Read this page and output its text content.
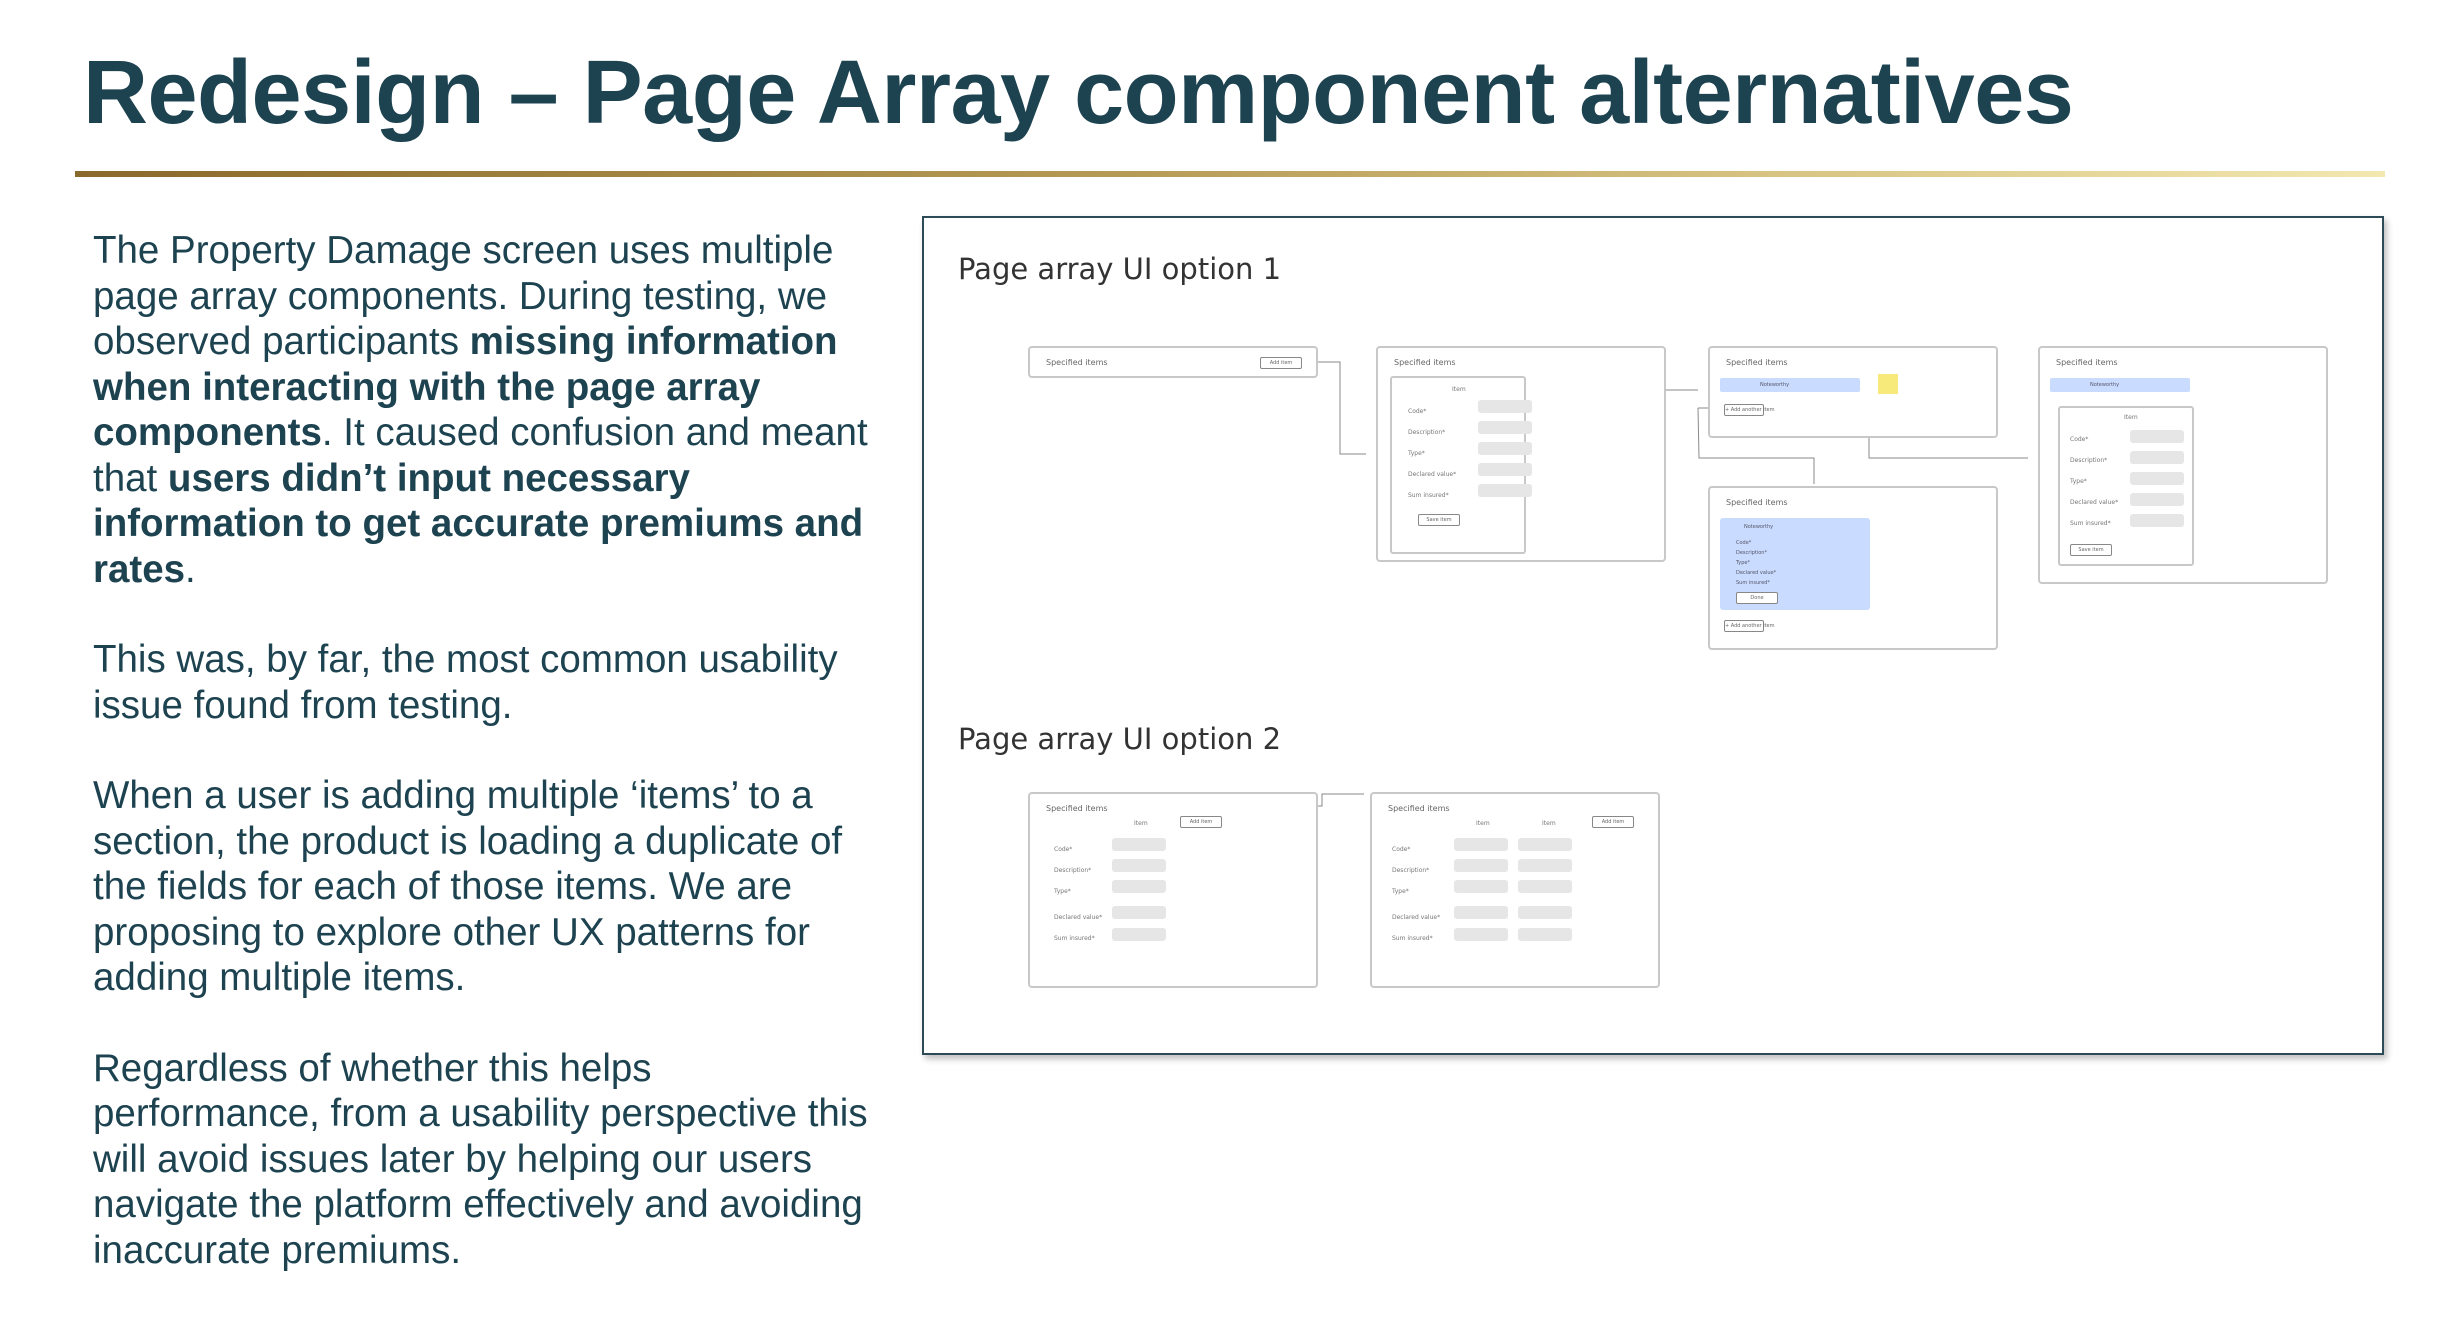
Redesign – Page Array component alternatives

The Property Damage screen uses multiple page array components. During testing, we observed participants missing information when interacting with the page array components. It caused confusion and meant that users didn’t input necessary information to get accurate premiums and rates.

This was, by far, the most common usability issue found from testing.

When a user is adding multiple ‘items’ to a section, the product is loading a duplicate of the fields for each of those items. We are proposing to explore other UX patterns for adding multiple items.

Regardless of whether this helps performance, from a usability perspective this will avoid issues later by helping our users navigate the platform effectively and avoiding inaccurate premiums.

Page array UI option 1
Page array UI option 2
Specified items	Add item	Specified items
Item
Code*
Description*
Type*
Declared value*
Sum insured*
Save item
Specified items
Noteworthy
+ Add another item
Specified items
Noteworthy
Code*
Description*
Type*
Declared value*
Sum insured*
Done
+ Add another item
Specified items
Noteworthy
Item
Code*
Description*
Type*
Declared value*
Sum insured*
Save item
Specified items
Item	Add item
Code*
Description*
Type*
Declared value*
Sum insured*
Specified items
Item	Item	Add item
Code*
Description*
Type*
Declared value*
Sum insured*
